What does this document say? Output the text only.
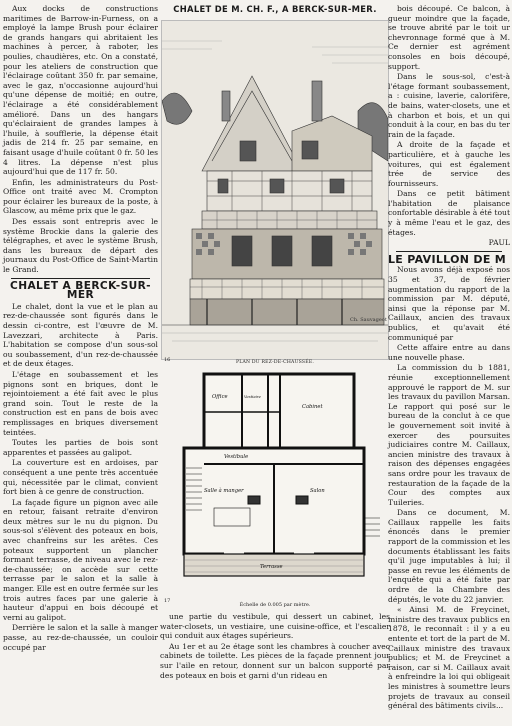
CHALET DE M. CH. F., A BERCK-SUR-MER.

Aux docks de constructions maritimes de Barrow-in-Furness, on a employé la lampe Brush pour éclairer de grands hangars qui abritaient les machines à percer, à raboter, les poulies, chaudières, etc. On a constaté, pour les ateliers de construction que l'éclairage coûtant 350 fr. par semaine, avec le gaz, n'occasionne aujourd'hui qu'une dépense de moitié; en outre, l'éclairage a été considérablement amélioré. Dans un des hangars qu'éclairaient de grandes lampes à l'huile, à soufflerie, la dépense était jadis de 214 fr. 25 par semaine, en faisant usage d'huile coûtant 0 fr. 50 les 4 litres. La dépense n'est plus aujourd'hui que de 117 fr. 50.

Enfin, les administrateurs du Post-Office ont traité avec M. Crompton pour éclairer les bureaux de la poste, à Glascow, au même prix que le gaz.

Des essais sont entrepris avec le système Brockie dans la galerie des télégraphes, et avec le système Brush, dans les bureaux de départ des journaux du Post-Office de Saint-Martin le Grand.

CHALET A BERCK-SUR-MER

Le chalet, dont la vue et le plan au rez-de-chaussée sont figurés dans le dessin ci-contre, est l'œuvre de M. Lavezzari, architecte à Paris. L'habitation se compose d'un sous-sol ou soubassement, d'un rez-de-chaussée et de deux étages.

L'étage en soubassement et les pignons sont en briques, dont le rejointoiement a été fait avec le plus grand soin. Tout le reste de la construction est en pans de bois avec remplissages en briques diversement teintées.

Toutes les parties de bois sont apparentes et passées au galipot.

La couverture est en ardoises, par conséquent a une pente très accentuée qui, nécessitée par le climat, convient fort bien à ce genre de construction.

La façade figure un pignon avec aile en retour, faisant retraite d'environ deux mètres sur le nu du pignon. Du sous-sol s'élèvent des poteaux en bois, avec chanfreins sur les arêtes. Ces poteaux supportent un plancher formant terrasse, de niveau avec le rez-de-chaussée; on accède sur cette terrasse par le salon et la salle à manger. Elle est en outre fermée sur les trois autres faces par une galerie à hauteur d'appui en bois découpé et verni au galipot.

Derrière le salon et la salle à manger passe, au rez-de-chaussée, un couloir occupé par

Ch. Sauvageot
16	PLAN DU REZ-DE-CHAUSSÉE.
Office	Vestiaire
Cabinet
Vestibule
Salle à manger	Salon
Terrasse
17
Échelle de 0.005 par mètre.

une partie du vestibule, qui dessert un cabinet, les water-closets, un vestiaire, une cuisine-office, et l'escalier qui conduit aux étages supérieurs.

Au 1er et au 2e étage sont les chambres à coucher avec cabinets de toilette. Les pièces de la façade prennent jour sur l'aile en retour, donnent sur un balcon supporté par des poteaux en bois et garni d'un rideau en

bois découpé. Ce balcon, à gueur moindre que la façade, se trouve abrité par le toit ur chevronnage formé que à M. Ce dernier est agrément consoles en bois découpé, support.

Dans le sous-sol, c'est-à l'étage formant soubassement, a : cuisine, laverie, calorifère, de bains, water-closets, une et à charbon et bois, et un qui conduit à la cour, en bas du ter rain de la façade.

A droite de la façade et particulière, et à gauche les voitures, qui est également trée de service des fournisseurs.

Dans ce petit bâtiment l'habitation de plaisance confortable désirable à été tout y à même l'eau et le gaz, des étages.

PAUL

LE PAVILLON DE M

Nous avons déjà exposé nos 35 et 37, de février augmentation du rapport de la commission par M. député, ainsi que la réponse par M. Caillaux, ancien des travaux publics, et qu'avait été communiqué par

Cette affaire entre au dans une nouvelle phase.

La commission du b 1881, réunie exceptionnellement approuvé le rapport de M. sur les travaux du pavillon Marsan. Le rapport qui posé sur le bureau de la conclut à ce que le gouvernement soit invité à exercer des poursuites judiciaires contre M. Caillaux, ancien ministre des travaux à raison des dépenses engagées sans ordre pour les travaux de restauration de la façade de la Cour des comptes aux Tuileries.

Dans ce document, M. Caillaux rappelle les faits énoncés dans le premier rapport de la commission et les documents établissant les faits qu'il juge imputables à lui; il passe en revue les éléments de l'enquête qui a été faite par ordre de la Chambre des députés, le vote du 22 janvier.

« Ainsi M. de Freycinet, ministre des travaux publics en 1878, le reconnaît : il y a eu entente et tort de la part de M. Caillaux ministre des travaux publics; et M. de Freycinet a raison, car si M. Caillaux avait à enfreindre la loi qui obligeait les ministres à soumettre leurs projets de travaux au conseil général des bâtiments civils...
